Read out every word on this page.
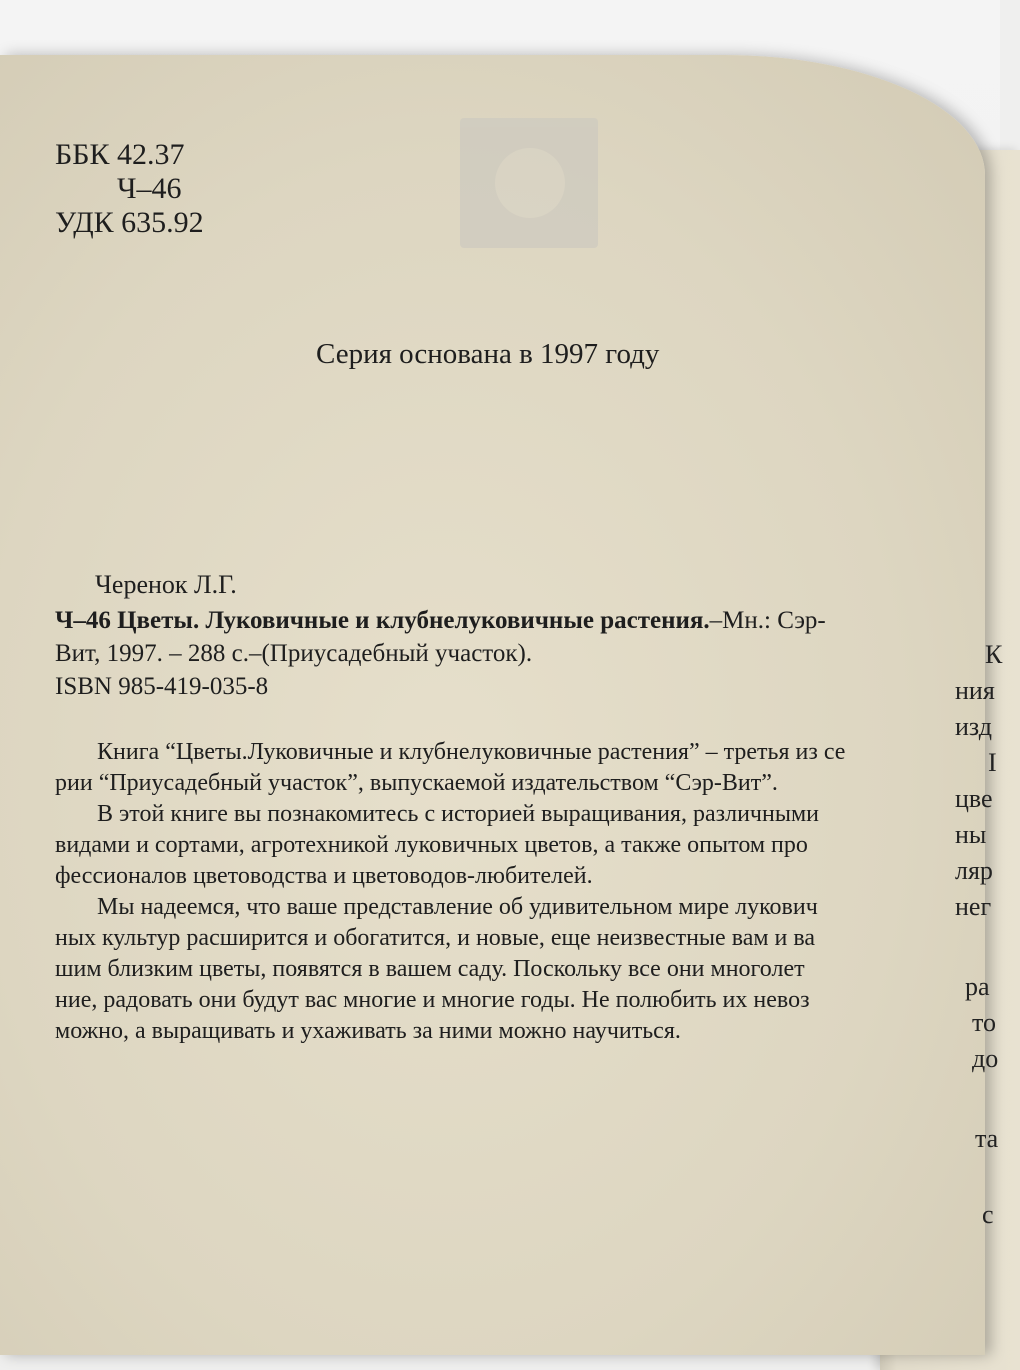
ББК 42.37
Ч–46
УДК 635.92
Серия основана в 1997 году
Черенок Л.Г.
Ч–46 Цветы. Луковичные и клубнелуковичные растения.–Мн.: Сэр-
Вит, 1997. – 288 с.–(Приусадебный участок).
ISBN 985-419-035-8

Книга “Цветы.Луковичные и клубнелуковичные растения” – третья из се

рии “Приусадебный участок”, выпускаемой издательством “Сэр-Вит”.

В этой книге вы познакомитесь с историей выращивания, различными

видами и сортами, агротехникой луковичных цветов, а также опытом про

фессионалов цветоводства и цветоводов-любителей.

Мы надеемся, что ваше представление об удивительном мире лукович

ных культур расширится и обогатится, и новые, еще неизвестные вам и ва

шим близким цветы, появятся в вашем саду. Поскольку все они многолет

ние, радовать они будут вас многие и многие годы. Не полюбить их невоз

можно, а выращивать и ухаживать за ними можно научиться.

К
ния
изд
I
цве
ны
ляр
нег
ра
то
до
та
с
